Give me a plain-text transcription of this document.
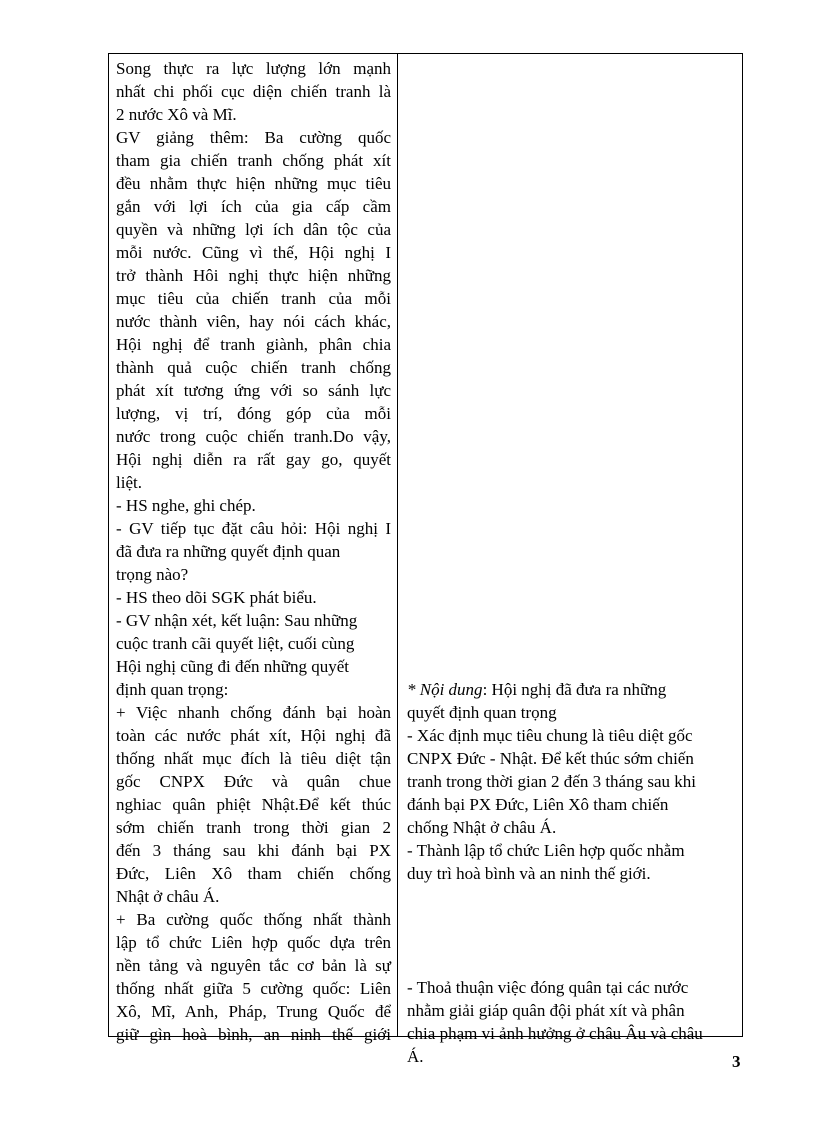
Song thực ra lực lượng lớn mạnh

nhất chi phối cục diện chiến tranh là

2 nước Xô và Mĩ.

GV giảng thêm: Ba cường quốc

tham gia chiến tranh chống phát xít

đều nhằm thực hiện những mục tiêu

gắn với lợi ích của gia cấp cầm

quyền và những lợi ích dân tộc của

mỗi nước. Cũng vì thế, Hội nghị I

trở thành Hôi nghị thực hiện những

mục tiêu của chiến tranh của mỗi

nước thành viên, hay nói cách khác,

Hội nghị để tranh giành, phân chia

thành quả cuộc chiến tranh chống

phát xít tương ứng với so sánh lực

lượng, vị trí, đóng góp của mỗi

nước trong cuộc chiến tranh.Do vậy,

Hội nghị diễn ra rất gay go, quyết

liệt.

- HS nghe, ghi chép.

- GV tiếp tục đặt câu hỏi: Hội nghị I

đã đưa ra những quyết định quan

trọng nào?

- HS theo dõi SGK phát biểu.

- GV nhận xét, kết luận: Sau những

cuộc tranh cãi quyết liệt, cuối cùng

Hội nghị cũng đi đến những quyết

định quan trọng:

+ Việc nhanh chống đánh bại hoàn

toàn các nước phát xít, Hội nghị đã

thống nhất mục đích là tiêu diệt tận

gốc CNPX Đức và quân chue

nghiac quân phiệt Nhật.Để kết thúc

sớm chiến tranh trong thời gian 2

đến 3 tháng sau khi đánh bại PX

Đức, Liên Xô tham chiến chống

Nhật ở châu Á.

+ Ba cường quốc thống nhất thành

lập tổ chức Liên hợp quốc dựa trên

nền tảng và nguyên tắc cơ bản là sự

thống nhất giữa 5 cường quốc: Liên

Xô, Mĩ, Anh, Pháp, Trung Quốc để

giữ gìn hoà bình, an ninh thế giới

* Nội dung: Hội nghị đã đưa ra những

quyết định quan trọng

- Xác định mục tiêu chung là tiêu diệt gốc

CNPX Đức - Nhật. Để kết thúc sớm chiến

tranh trong thời gian 2 đến 3 tháng sau khi

đánh bại PX Đức, Liên Xô tham chiến

chống Nhật ở châu Á.

- Thành lập tổ chức Liên hợp quốc nhằm

duy trì hoà bình và an ninh thế giới.

- Thoả thuận việc đóng quân tại các nước

nhằm giải giáp quân đội phát xít và phân

chia phạm vi ảnh hưởng ở châu Âu và châu

Á.	3
